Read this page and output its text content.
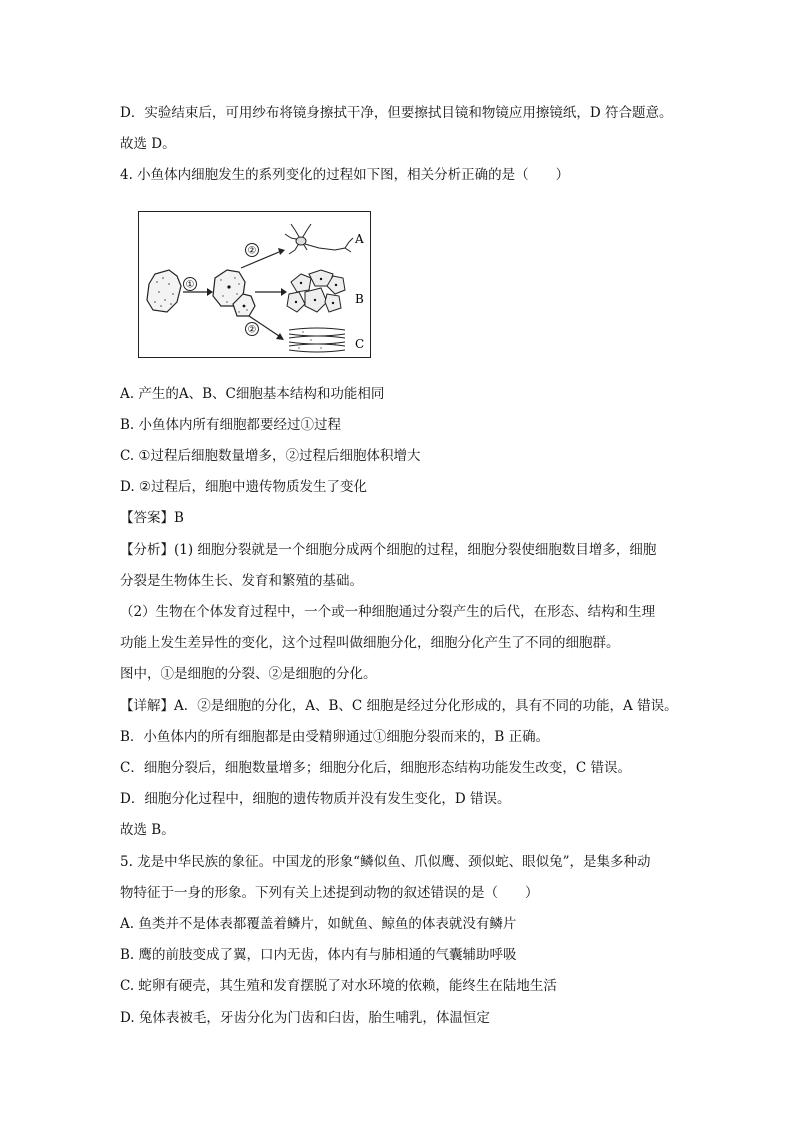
D．实验结束后，可用纱布将镜身擦拭干净，但要擦拭目镜和物镜应用擦镜纸，D 符合题意。
故选 D。
4. 小鱼体内细胞发生的系列变化的过程如下图，相关分析正确的是（　　）
①
②
A
B
②
C
A. 产生的A、B、C细胞基本结构和功能相同
B. 小鱼体内所有细胞都要经过①过程
C. ①过程后细胞数量增多，②过程后细胞体积增大
D. ②过程后，细胞中遗传物质发生了变化
【答案】B
【分析】(1) 细胞分裂就是一个细胞分成两个细胞的过程，细胞分裂使细胞数目增多，细胞
分裂是生物体生长、发育和繁殖的基础。
（2）生物在个体发育过程中，一个或一种细胞通过分裂产生的后代，在形态、结构和生理
功能上发生差异性的变化，这个过程叫做细胞分化，细胞分化产生了不同的细胞群。
图中，①是细胞的分裂、②是细胞的分化。
【详解】A．②是细胞的分化，A、B、C 细胞是经过分化形成的，具有不同的功能，A 错误。
B．小鱼体内的所有细胞都是由受精卵通过①细胞分裂而来的，B 正确。
C．细胞分裂后，细胞数量增多；细胞分化后，细胞形态结构功能发生改变，C 错误。
D．细胞分化过程中，细胞的遗传物质并没有发生变化，D 错误。
故选 B。
5. 龙是中华民族的象征。中国龙的形象“鳞似鱼、爪似鹰、颈似蛇、眼似兔”，是集多种动
物特征于一身的形象。下列有关上述提到动物的叙述错误的是（　　）
A. 鱼类并不是体表都覆盖着鳞片，如鱿鱼、鲸鱼的体表就没有鳞片
B. 鹰的前肢变成了翼，口内无齿，体内有与肺相通的气囊辅助呼吸
C. 蛇卵有硬壳，其生殖和发育摆脱了对水环境的依赖，能终生在陆地生活
D. 兔体表被毛，牙齿分化为门齿和臼齿，胎生哺乳，体温恒定
